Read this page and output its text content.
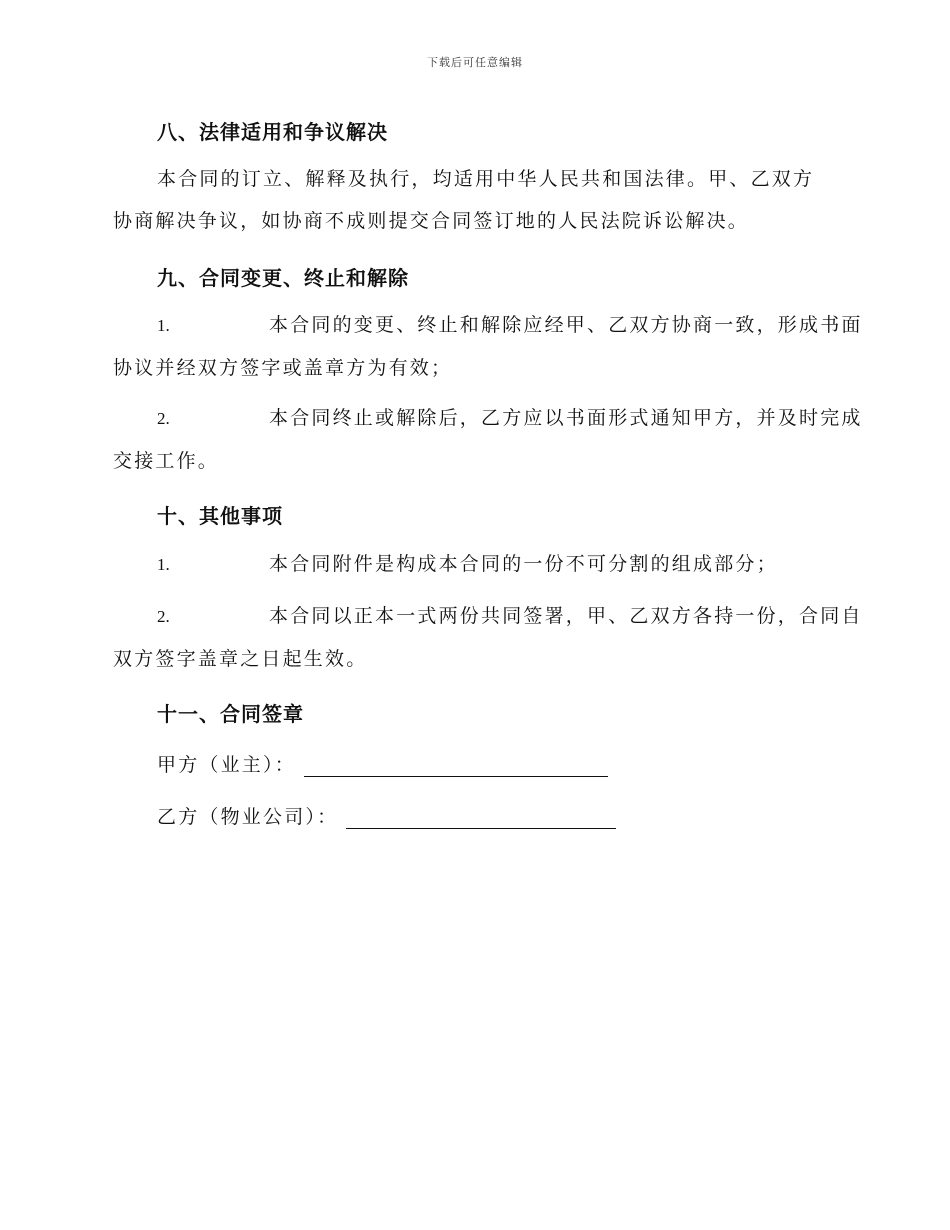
下载后可任意编辑
八、法律适用和争议解决
本合同的订立、解释及执行，均适用中华人民共和国法律。甲、乙双方
协商解决争议，如协商不成则提交合同签订地的人民法院诉讼解决。
九、合同变更、终止和解除
1.	本合同的变更、终止和解除应经甲、乙双方协商一致，形成书面
协议并经双方签字或盖章方为有效；
2.	本合同终止或解除后，乙方应以书面形式通知甲方，并及时完成
交接工作。
十、其他事项
1.	本合同附件是构成本合同的一份不可分割的组成部分；
2.	本合同以正本一式两份共同签署，甲、乙双方各持一份，合同自
双方签字盖章之日起生效。
十一、合同签章
甲方（业主）：
乙方（物业公司）：
